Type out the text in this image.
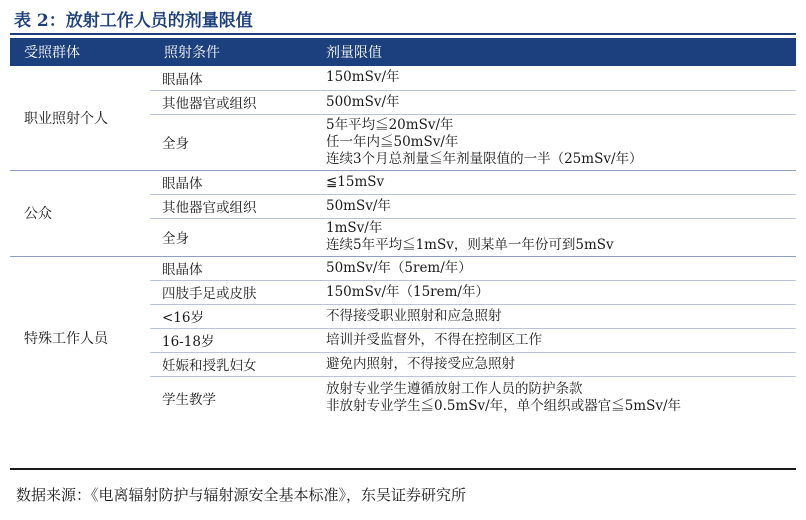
表 2：放射工作人员的剂量限值
受照群体	照射条件	剂量限值
职业照射个人	眼晶体	150mSv/年

	其他器官或组织	500mSv/年

	全身	5年平均≦20mSv/年
任一年内≦50mSv/年
连续3个月总剂量≦年剂量限值的一半（25mSv/年）

公众	眼晶体	≦15mSv

	其他器官或组织	50mSv/年

	全身	1mSv/年
连续5年平均≦1mSv，则某单一年份可到5mSv

特殊工作人员	眼晶体	50mSv/年（5rem/年）

	四肢手足或皮肤	150mSv/年（15rem/年）

	<16岁	不得接受职业照射和应急照射

	16-18岁	培训并受监督外，不得在控制区工作

	妊娠和授乳妇女	避免内照射，不得接受应急照射

	学生教学	放射专业学生遵循放射工作人员的防护条款
非放射专业学生≦0.5mSv/年，单个组织或器官≦5mSv/年
数据来源：《电离辐射防护与辐射源安全基本标准》，东吴证券研究所
